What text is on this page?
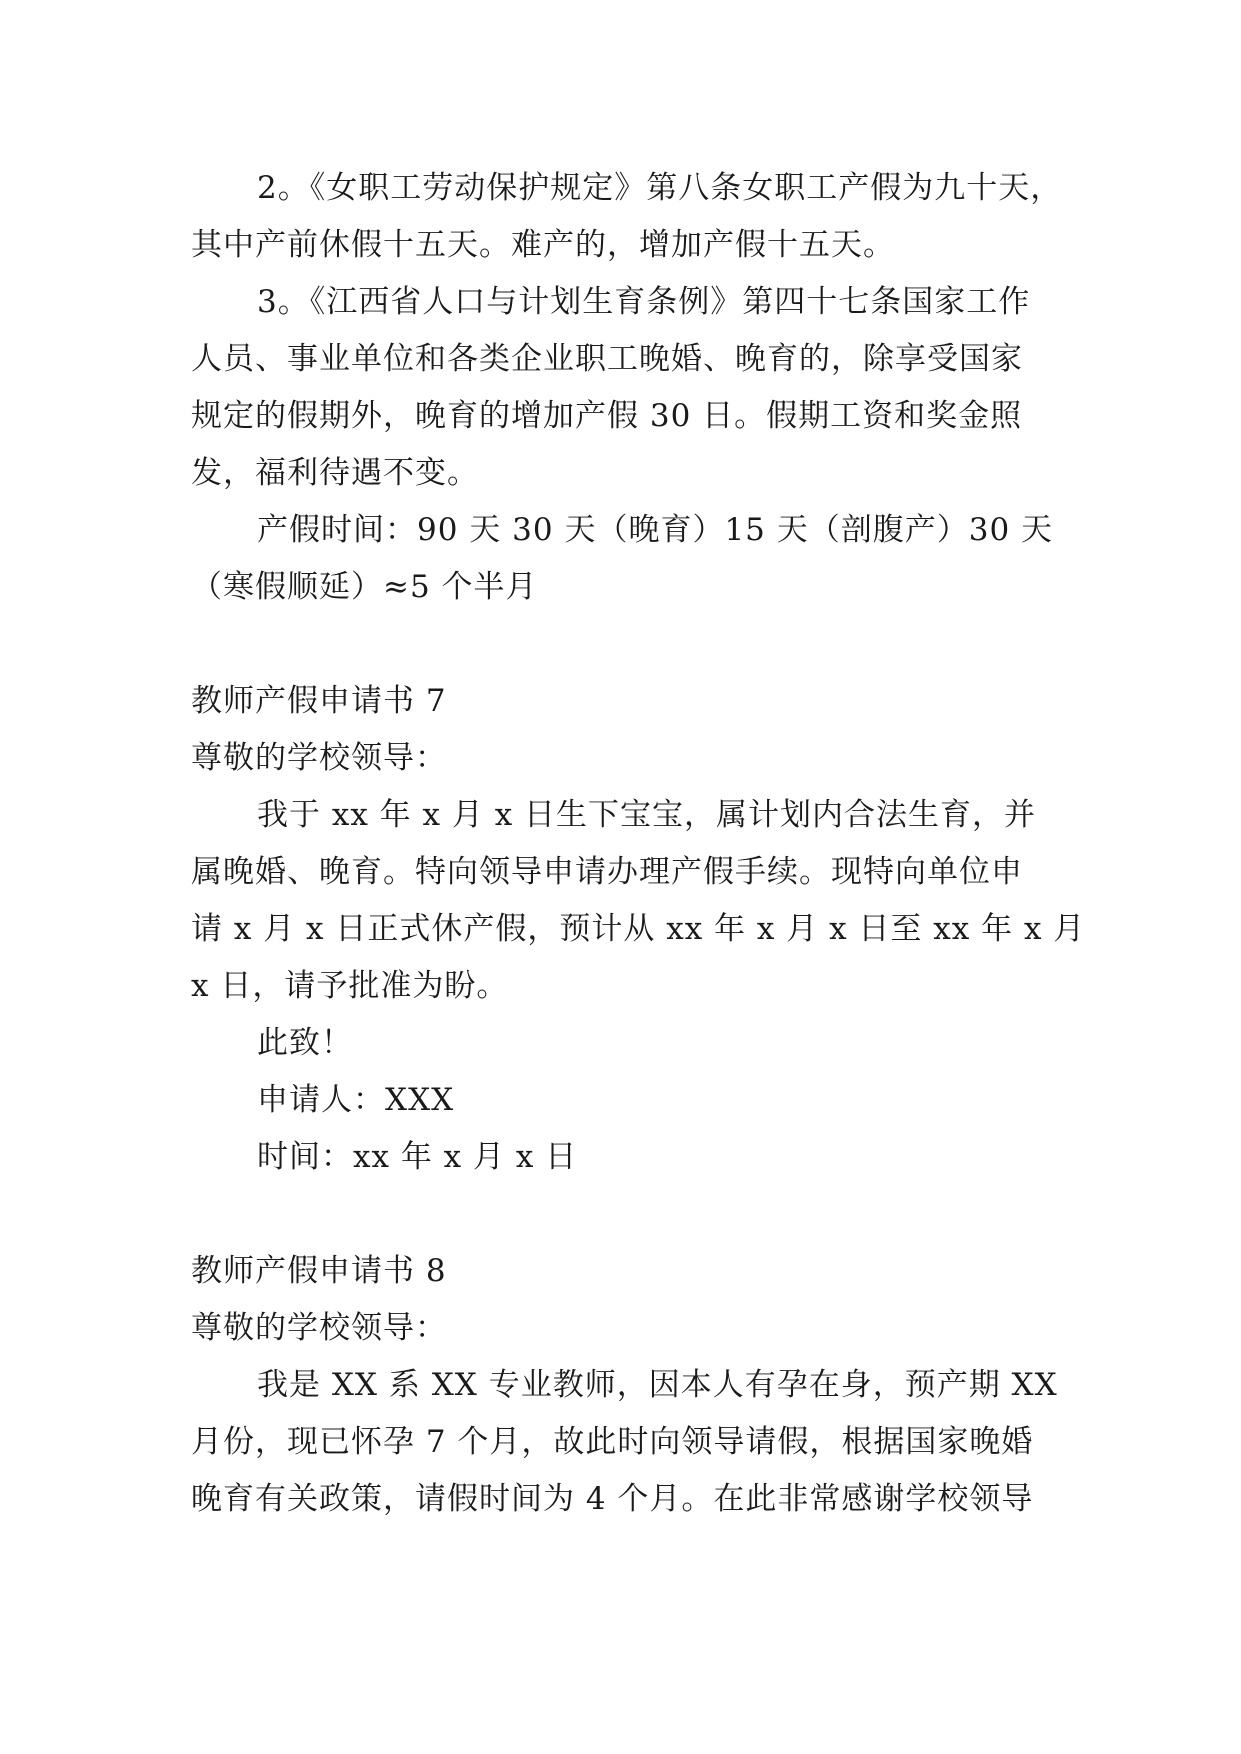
2。《女职工劳动保护规定》第八条女职工产假为九十天，
其中产前休假十五天。难产的，增加产假十五天。
3。《江西省人口与计划生育条例》第四十七条国家工作
人员、事业单位和各类企业职工晚婚、晚育的，除享受国家
规定的假期外，晚育的增加产假 30 日。假期工资和奖金照
发，福利待遇不变。
产假时间：90 天 30 天（晚育）15 天（剖腹产）30 天
（寒假顺延）≈5 个半月
教师产假申请书 7
尊敬的学校领导：
我于 xx 年 x 月 x 日生下宝宝，属计划内合法生育，并
属晚婚、晚育。特向领导申请办理产假手续。现特向单位申
请 x 月 x 日正式休产假，预计从 xx 年 x 月 x 日至 xx 年 x 月
x 日，请予批准为盼。
此致！
申请人：XXX
时间：xx 年 x 月 x 日
教师产假申请书 8
尊敬的学校领导：
我是 XX 系 XX 专业教师，因本人有孕在身，预产期 XX
月份，现已怀孕 7 个月，故此时向领导请假，根据国家晚婚
晚育有关政策，请假时间为 4 个月。在此非常感谢学校领导
